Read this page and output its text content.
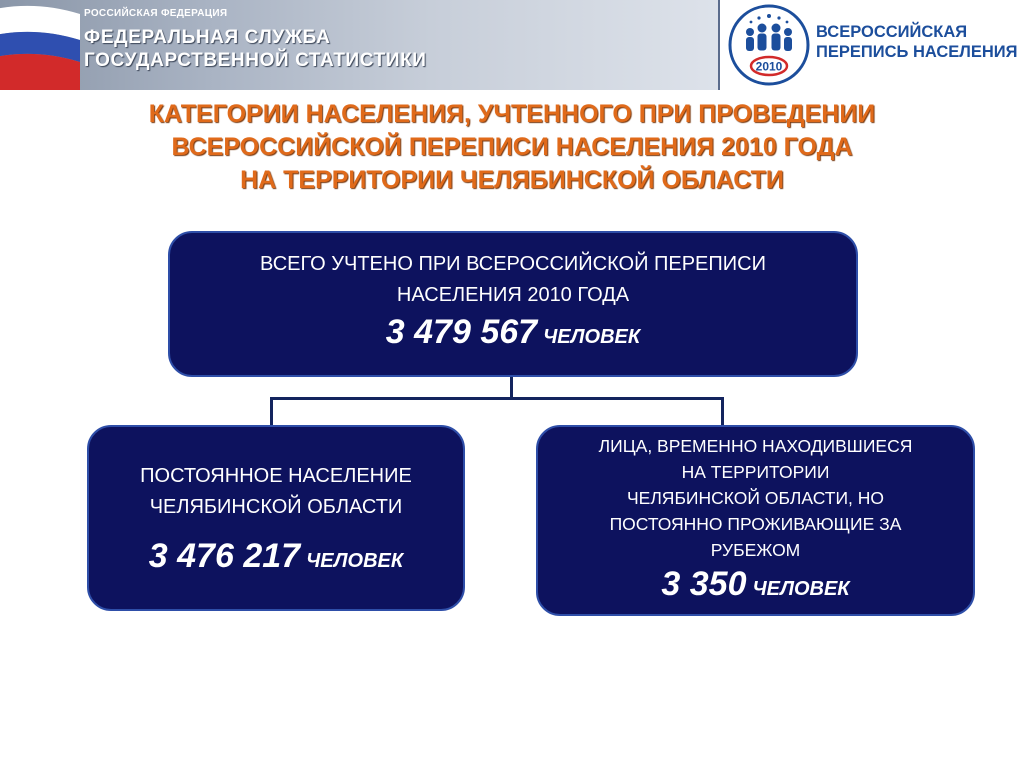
РОССИЙСКАЯ ФЕДЕРАЦИЯ
ФЕДЕРАЛЬНАЯ СЛУЖБА
ГОСУДАРСТВЕННОЙ СТАТИСТИКИ	2010
ВСЕРОССИЙСКАЯ
ПЕРЕПИСЬ НАСЕЛЕНИЯ
КАТЕГОРИИ НАСЕЛЕНИЯ, УЧТЕННОГО ПРИ ПРОВЕДЕНИИ
ВСЕРОССИЙСКОЙ ПЕРЕПИСИ НАСЕЛЕНИЯ 2010 ГОДА
НА ТЕРРИТОРИИ ЧЕЛЯБИНСКОЙ ОБЛАСТИ
ВСЕГО УЧТЕНО ПРИ ВСЕРОССИЙСКОЙ ПЕРЕПИСИ
НАСЕЛЕНИЯ 2010 ГОДА
3 479 567 ЧЕЛОВЕК
ПОСТОЯННОЕ НАСЕЛЕНИЕ
ЧЕЛЯБИНСКОЙ ОБЛАСТИ
3 476 217 ЧЕЛОВЕК
ЛИЦА, ВРЕМЕННО НАХОДИВШИЕСЯ
НА ТЕРРИТОРИИ
ЧЕЛЯБИНСКОЙ ОБЛАСТИ, НО
ПОСТОЯННО ПРОЖИВАЮЩИЕ ЗА
РУБЕЖОМ
3 350 ЧЕЛОВЕК
